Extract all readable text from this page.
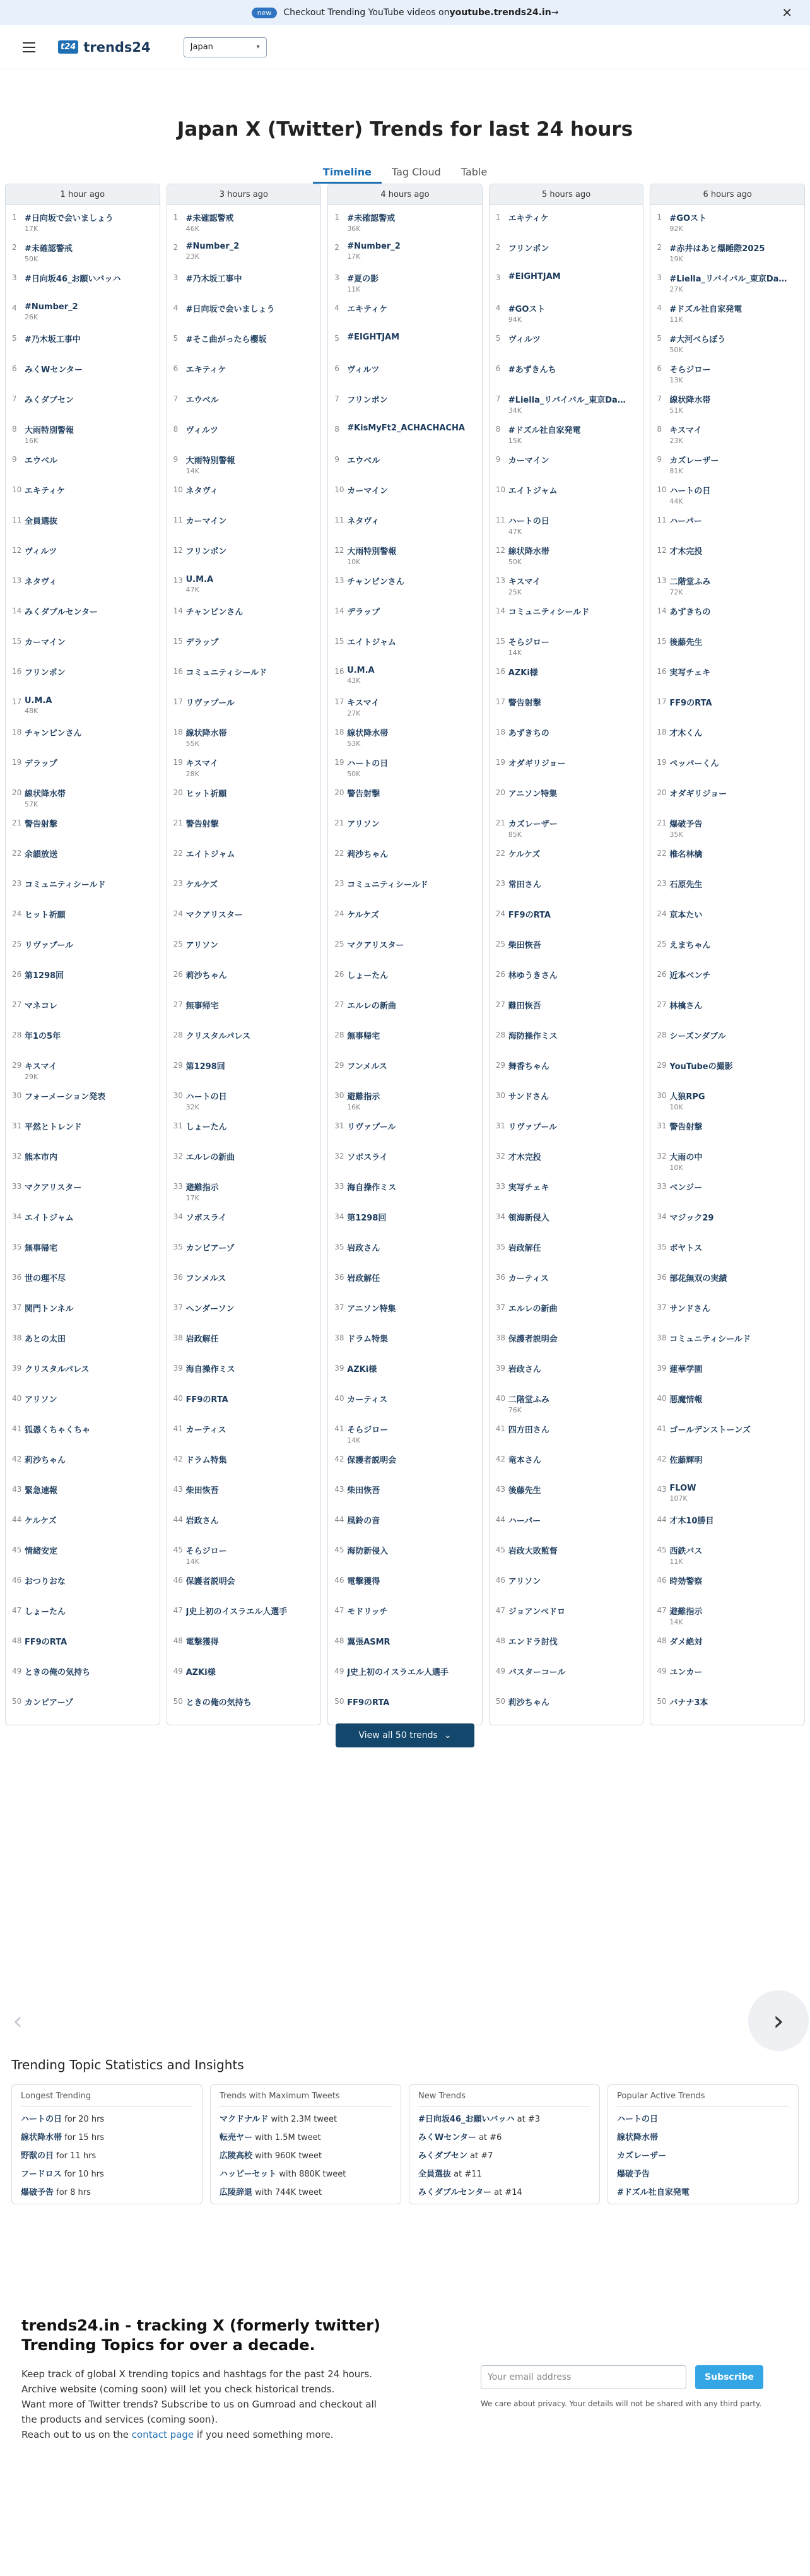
new	Checkout Trending YouTube videos on youtube.trends24.in →	✕
t24 trends24	Japan	▾
Japan X (Twitter) Trends for last 24 hours
Timeline	Tag Cloud	Table
1 hour ago
1 #日向坂で会いましょう
17K
2 #未確認警戒
50K
3 #日向坂46_お願いバッハ
4 #Number_2
26K
5 #乃木坂工事中
6 みくWセンター
7 みくダブセン
8 大雨特別警報
16K
9 エウベル
10 エキティケ
11 全員選抜
12 ヴィルツ
13 ネタヴィ
14 みくダブルセンター
15 カーマイン
16 フリンポン
17 U.M.A
48K
18 チャンピンさん
19 デラップ
20 線状降水帯
57K
21 警告射撃
22 余韻放送
23 コミュニティシールド
24 ヒット祈願
25 リヴァプール
26 第1298回
27 マネコレ
28 年1の5年
29 キスマイ
29K
30 フォーメーション発表
31 平然とトレンド
32 熊本市内
33 マクアリスター
34 エイトジャム
35 無事帰宅
36 世の理不尽
37 関門トンネル
38 あとの太田
39 クリスタルパレス
40 アリソン
41 狐憑くちゃくちゃ
42 莉沙ちゃん
43 緊急速報
44 ケルケズ
45 情緒安定
46 おつりおな
47 しょーたん
48 FF9のRTA
49 ときの俺の気持ち
50 カンピアーゾ
3 hours ago
1 #未確認警戒
46K
2 #Number_2
23K
3 #乃木坂工事中
4 #日向坂で会いましょう
5 #そこ曲がったら櫻坂
6 エキティケ
7 エウベル
8 ヴィルツ
9 大雨特別警報
14K
10 ネタヴィ
11 カーマイン
12 フリンポン
13 U.M.A
47K
14 チャンピンさん
15 デラップ
16 コミュニティシールド
17 リヴァプール
18 線状降水帯
55K
19 キスマイ
28K
20 ヒット祈願
21 警告射撃
22 エイトジャム
23 ケルケズ
24 マクアリスター
25 アリソン
26 莉沙ちゃん
27 無事帰宅
28 クリスタルパレス
29 第1298回
30 ハートの日
32K
31 しょーたん
32 エルレの新曲
33 避難指示
17K
34 ソボスライ
35 カンピアーゾ
36 フンメルス
37 ヘンダーソン
38 岩政解任
39 海自操作ミス
40 FF9のRTA
41 カーティス
42 ドラム特集
43 柴田恢吾
44 岩政さん
45 そらジロー
14K
46 保護者説明会
47 J史上初のイスラエル人選手
48 電撃獲得
49 AZKi様
50 ときの俺の気持ち
4 hours ago
1 #未確認警戒
36K
2 #Number_2
17K
3 #夏の影
11K
4 エキティケ
5 #EIGHTJAM
6 ヴィルツ
7 フリンポン
8 #KisMyFt2_ACHACHACHA
9 エウベル
10 カーマイン
11 ネタヴィ
12 大雨特別警報
10K
13 チャンピンさん
14 デラップ
15 エイトジャム
16 U.M.A
43K
17 キスマイ
27K
18 線状降水帯
53K
19 ハートの日
50K
20 警告射撃
21 アリソン
22 莉沙ちゃん
23 コミュニティシールド
24 ケルケズ
25 マクアリスター
26 しょーたん
27 エルレの新曲
28 無事帰宅
29 フンメルス
30 避難指示
16K
31 リヴァプール
32 ソボスライ
33 海自操作ミス
34 第1298回
35 岩政さん
36 岩政解任
37 アニソン特集
38 ドラム特集
39 AZKi様
40 カーティス
41 そらジロー
14K
42 保護者説明会
43 柴田恢吾
44 風鈴の音
45 海防新侵入
46 電撃獲得
47 モドリッチ
48 翼張ASMR
49 J史上初のイスラエル人選手
50 FF9のRTA
5 hours ago
1 エキティケ
2 フリンポン
3 #EIGHTJAM
4 #GOスト
94K
5 ヴィルツ
6 #あずきんち
7 #Liella_リバイバル_東京Da…
34K
8 #ドズル社自家発電
15K
9 カーマイン
10 エイトジャム
11 ハートの日
47K
12 線状降水帯
50K
13 キスマイ
25K
14 コミュニティシールド
15 そらジロー
14K
16 AZKi様
17 警告射撃
18 あずきちの
19 オダギリジョー
20 アニソン特集
21 カズレーザー
85K
22 ケルケズ
23 常田さん
24 FF9のRTA
25 柴田恢吾
26 林ゆうきさん
27 難田恢吾
28 海防操作ミス
29 舞香ちゃん
30 サンドさん
31 リヴァプール
32 才木完投
33 実写チェキ
34 領海新侵入
35 岩政解任
36 カーティス
37 エルレの新曲
38 保護者説明会
39 岩政さん
40 二階堂ふみ
76K
41 四方田さん
42 竜本さん
43 後藤先生
44 ハーパー
45 岩政大敗監督
46 アリソン
47 ジョアンペドロ
48 エンドラ討伐
49 バスターコール
50 莉沙ちゃん
6 hours ago
1 #GOスト
92K
2 #赤井はあと爆睡際2025
19K
3 #Liella_リバイバル_東京Da…
27K
4 #ドズル社自家発電
11K
5 #大河べらぼう
50K
6 そらジロー
13K
7 線状降水帯
51K
8 キスマイ
23K
9 カズレーザー
81K
10 ハートの日
44K
11 ハーパー
12 才木完投
13 二階堂ふみ
72K
14 あずきちの
15 後藤先生
16 実写チェキ
17 FF9のRTA
18 才木くん
19 ペッパーくん
20 オダギリジョー
21 爆破予告
35K
22 椎名林檎
23 石原先生
24 京本たい
25 えまちゃん
26 近本ベンチ
27 林檎さん
28 シーズンダブル
29 YouTubeの撮影
30 人狼RPG
10K
31 警告射撃
32 大雨の中
10K
33 ベンジー
34 マジック29
35 ボヤトス
36 部花無双の実績
37 サンドさん
38 コミュニティシールド
39 蓮華学園
40 悪魔情報
41 ゴールデンストーンズ
42 佐藤輝明
43 FLOW
107K
44 才木10勝目
45 西鉄バス
11K
46 時効警察
47 避難指示
14K
48 ダメ絶対
49 ユンカー
50 バナナ3本
View all 50 trends ⌄
‹	›
Trending Topic Statistics and Insights
Longest Trending
ハートの日 for 20 hrs
線状降水帯 for 15 hrs
野獣の日 for 11 hrs
フードロス for 10 hrs
爆破予告 for 8 hrs
Trends with Maximum Tweets
マクドナルド with 2.3M tweet
転売ヤー with 1.5M tweet
広陵高校 with 960K tweet
ハッピーセット with 880K tweet
広陵辞退 with 744K tweet
New Trends
#日向坂46_お願いバッハ at #3
みくWセンター at #6
みくダブセン at #7
全員選抜 at #11
みくダブルセンター at #14
Popular Active Trends
ハートの日
線状降水帯
カズレーザー
爆破予告
#ドズル社自家発電
trends24.in - tracking X (formerly twitter) Trending Topics for over a decade.

Keep track of global X trending topics and hashtags for the past 24 hours.
Archive website (coming soon) will let you check historical trends.
Want more of Twitter trends? Subscribe to us on Gumroad and checkout all the products and services (coming soon).
Reach out to us on the contact page if you need something more.

Your email address
Subscribe
We care about privacy. Your details will not be shared with any third party.
